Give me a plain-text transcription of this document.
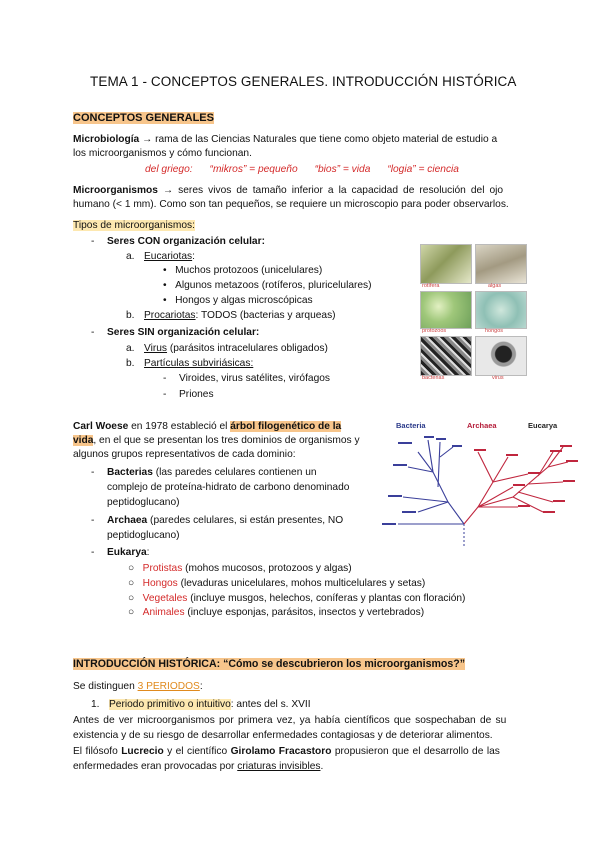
TEMA 1 - CONCEPTOS GENERALES. INTRODUCCIÓN HISTÓRICA
CONCEPTOS GENERALES
Microbiología → rama de las Ciencias Naturales que tiene como objeto material de estudio a
los microorganismos y cómo funcionan.
del griego:      “mikros” = pequeño      “bios” = vida      “logia” = ciencia
Microorganismos → seres vivos de tamaño inferior a la capacidad de resolución del ojo
humano (< 1 mm). Como son tan pequeños, se requiere un microscopio para poder observarlos.
Tipos de microorganismos:
- Seres CON organización celular:
a. Eucariotas:
•   Muchos protozoos (unicelulares)
•   Algunos metazoos (rotíferos, pluricelulares)
•   Hongos y algas microscópicas
b. Procariotas: TODOS (bacterias y arqueas)
- Seres SIN organización celular:
a. Virus (parásitos intracelulares obligados)
b. Partículas subviriásicas:
- Viroides, virus satélites, virófagos
- Priones
rotífera	algas
protozoos	hongos
bacterias	virus
Carl Woese en 1978 estableció el árbol filogenético de la
vida, en el que se presentan los tres dominios de organismos y
algunos grupos representativos de cada dominio:
- Bacterias (las paredes celulares contienen un
complejo de proteína-hidrato de carbono denominado
peptidoglucano)
- Archaea (paredes celulares, si están presentes, NO
peptidoglucano)
- Eukarya:
○   Protistas (mohos mucosos, protozoos y algas)
○   Hongos (levaduras unicelulares, mohos multicelulares y setas)
○   Vegetales (incluye musgos, helechos, coníferas y plantas con floración)
○   Animales (incluye esponjas, parásitos, insectos y vertebrados)
Bacteria	Archaea	Eucarya
INTRODUCCIÓN HISTÓRICA: “Cómo se descubrieron los microorganismos?”
Se distinguen 3 PERIODOS:
1. Periodo primitivo o intuitivo: antes del s. XVII
Antes de ver microorganismos por primera vez, ya había científicos que sospechaban de su
existencia y de su riesgo de desarrollar enfermedades contagiosas y de deteriorar alimentos.
El filósofo Lucrecio y el científico Girolamo Fracastoro propusieron que el desarrollo de las
enfermedades eran provocadas por criaturas invisibles.
